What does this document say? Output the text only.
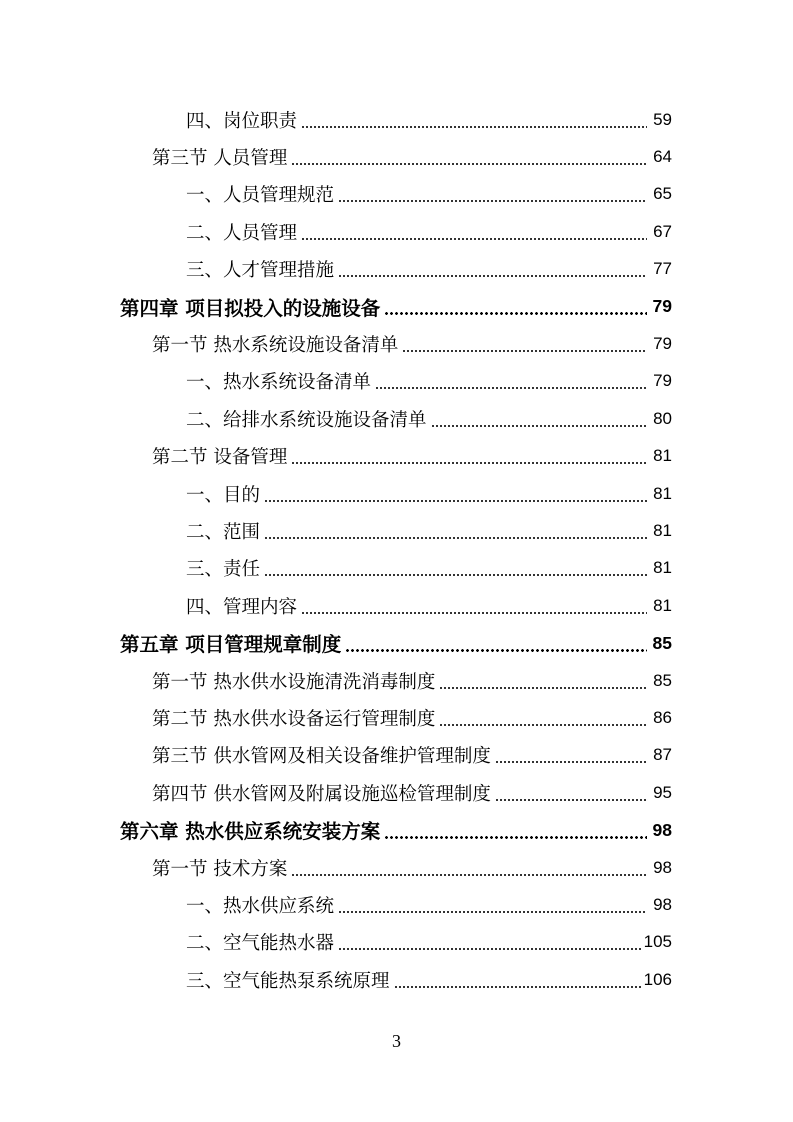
四、岗位职责	59
第三节 人员管理	64
一、人员管理规范	65
二、人员管理	67
三、人才管理措施	77
第四章 项目拟投入的设施设备	79
第一节 热水系统设施设备清单	79
一、热水系统设备清单	79
二、给排水系统设施设备清单	80
第二节 设备管理	81
一、目的	81
二、范围	81
三、责任	81
四、管理内容	81
第五章 项目管理规章制度	85
第一节 热水供水设施清洗消毒制度	85
第二节 热水供水设备运行管理制度	86
第三节 供水管网及相关设备维护管理制度	87
第四节 供水管网及附属设施巡检管理制度	95
第六章 热水供应系统安装方案	98
第一节 技术方案	98
一、热水供应系统	98
二、空气能热水器	105
三、空气能热泵系统原理	106
3
